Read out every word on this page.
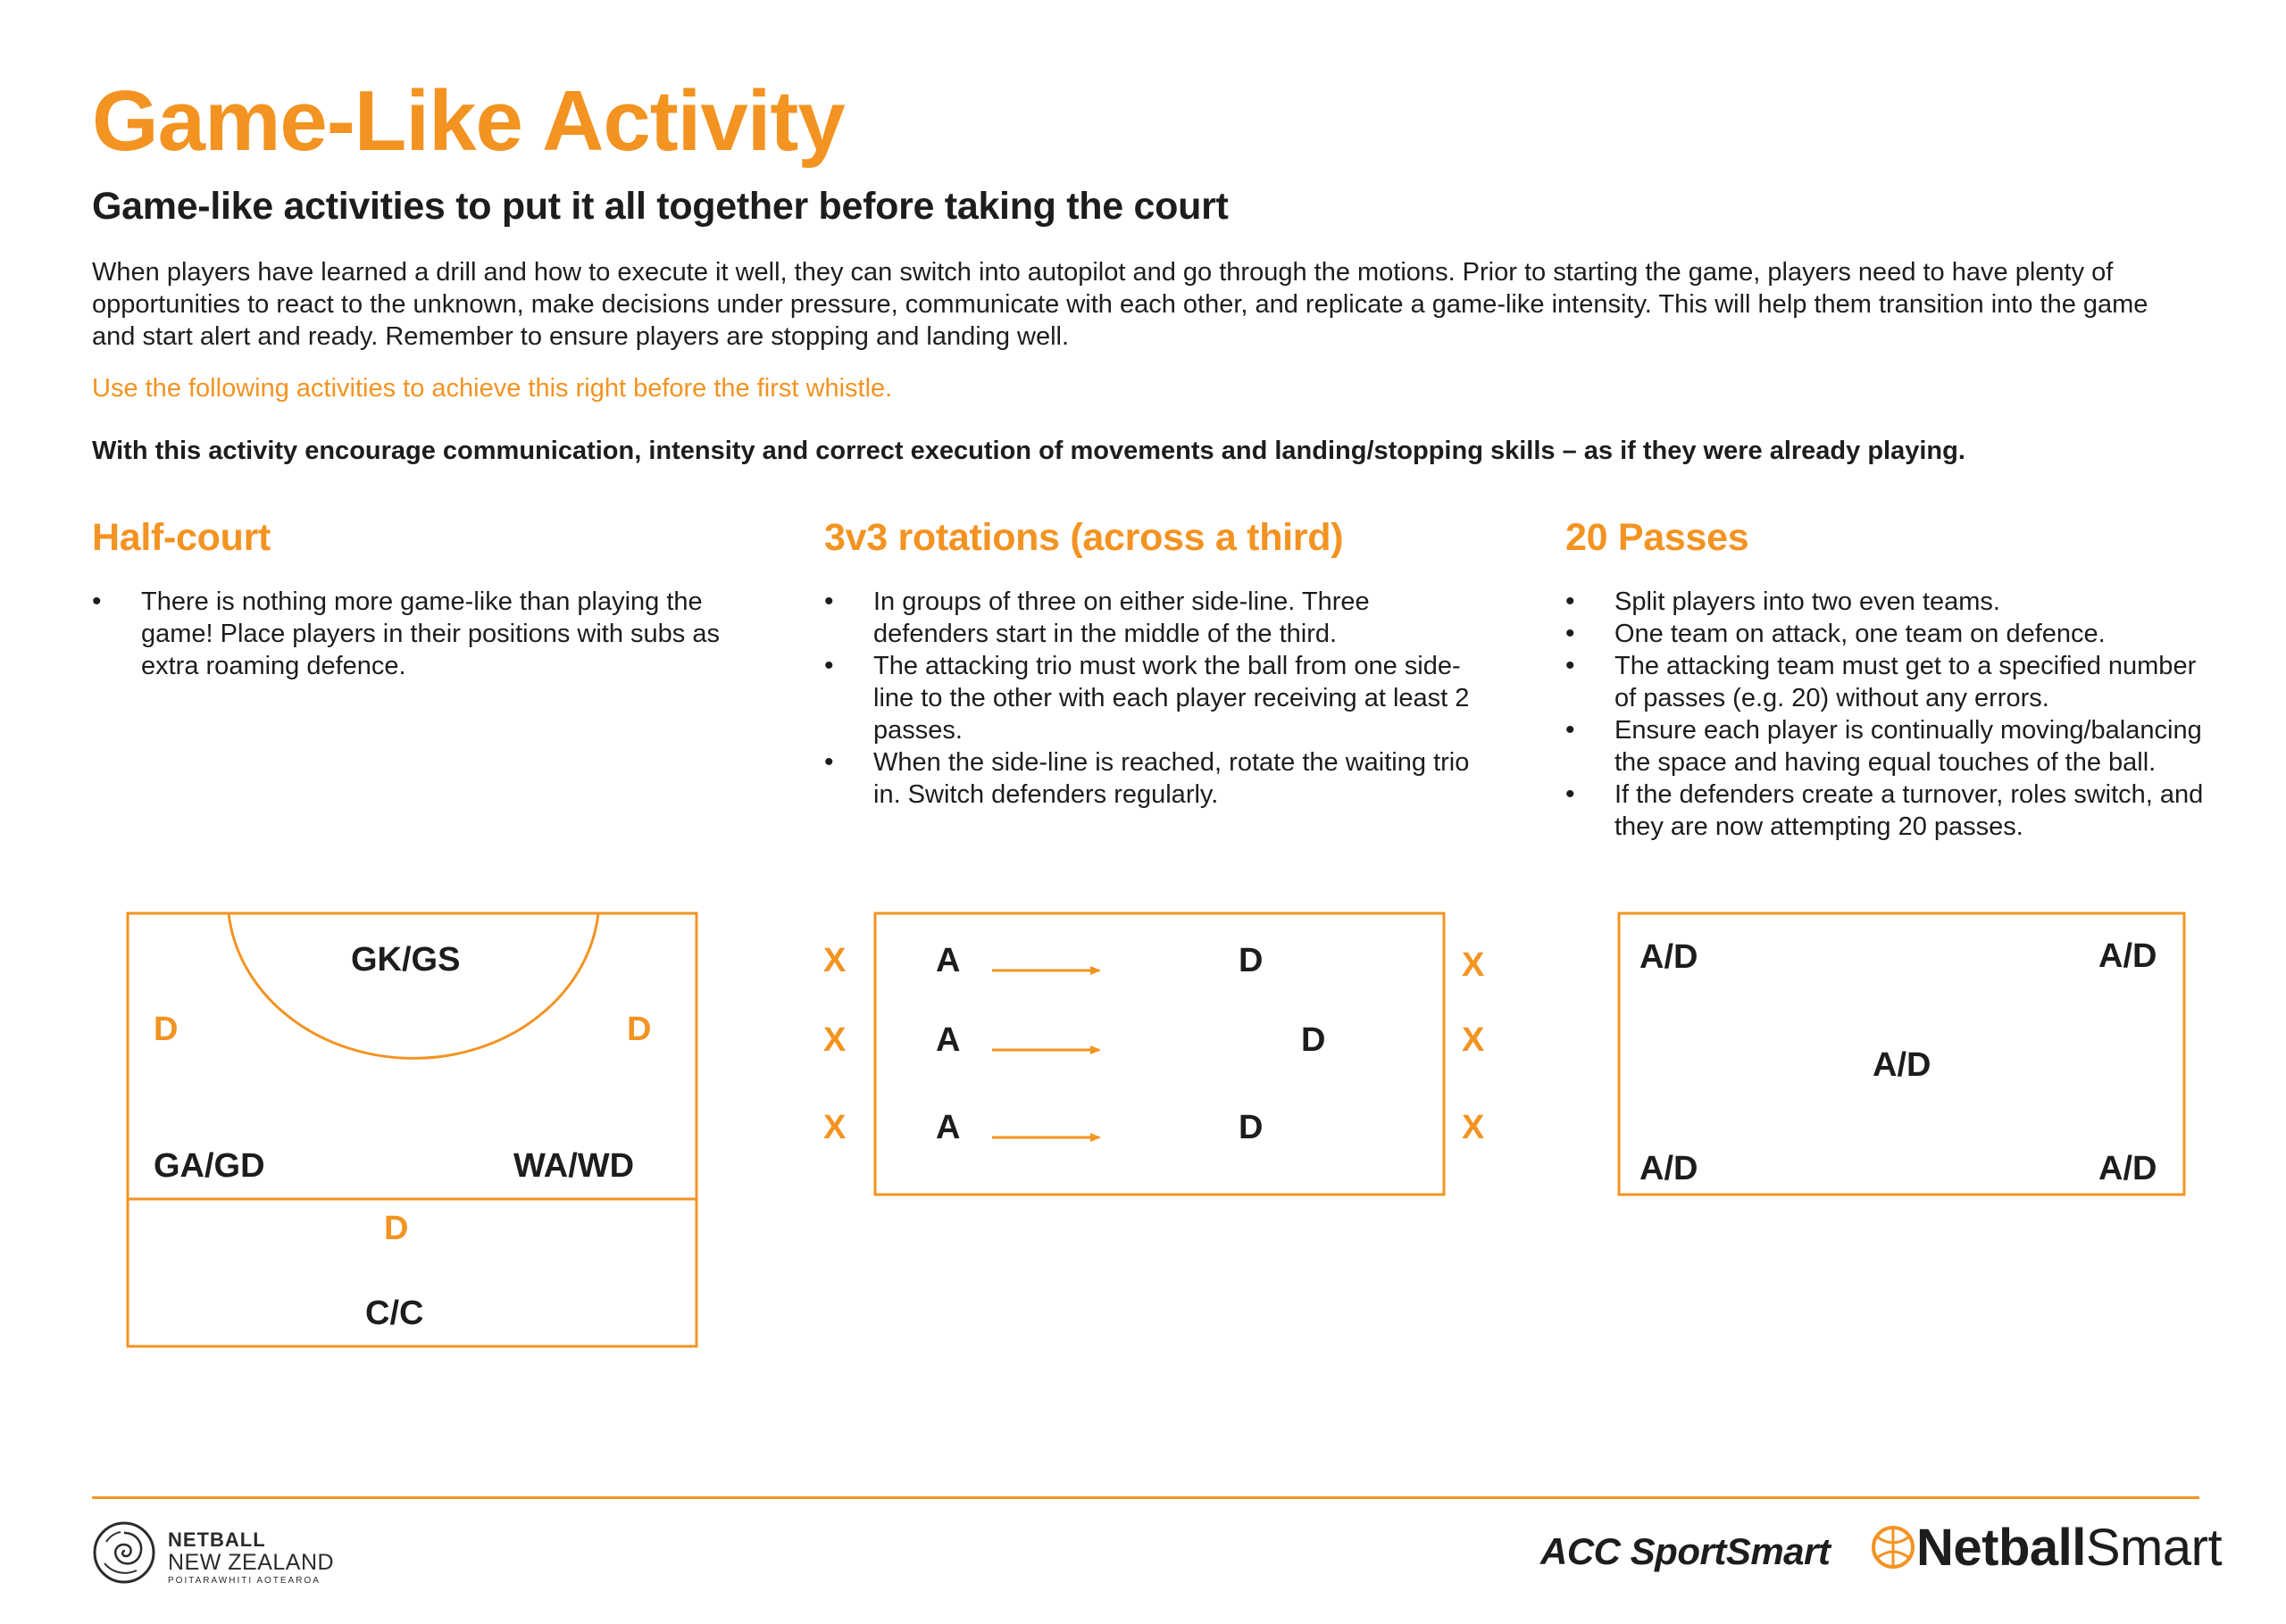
Game-Like Activity
Game-like activities to put it all together before taking the court

When players have learned a drill and how to execute it well, they can switch into autopilot and go through the motions. Prior to starting the game, players need to have plenty of opportunities to react to the unknown, make decisions under pressure, communicate with each other, and replicate a game-like intensity. This will help them transition into the game and start alert and ready. Remember to ensure players are stopping and landing well.

Use the following activities to achieve this right before the first whistle.

With this activity encourage communication, intensity and correct execution of movements and landing/stopping skills – as if they were already playing.

Half-court
• There is nothing more game-like than playing the game! Place players in their positions with subs as extra roaming defence.
3v3 rotations (across a third)
• In groups of three on either side-line. Three defenders start in the middle of the third.
• The attacking trio must work the ball from one side-line to the other with each player receiving at least 2 passes.
• When the side-line is reached, rotate the waiting trio in. Switch defenders regularly.
20 Passes
• Split players into two even teams.
• One team on attack, one team on defence.
• The attacking team must get to a specified number of passes (e.g. 20) without any errors.
• Ensure each player is continually moving/balancing the space and having equal touches of the ball.
• If the defenders create a turnover, roles switch, and they are now attempting 20 passes.
GK/GS
D	D
GA/GD	WA/WD
D
C/C
X
X
X
X
X
X
A
A
A
D
D
D
A/D	A/D
A/D
A/D	A/D
NETBALL
NEW ZEALAND
POITARAWHITI AOTEAROA
ACC SportSmart NetballSmart
